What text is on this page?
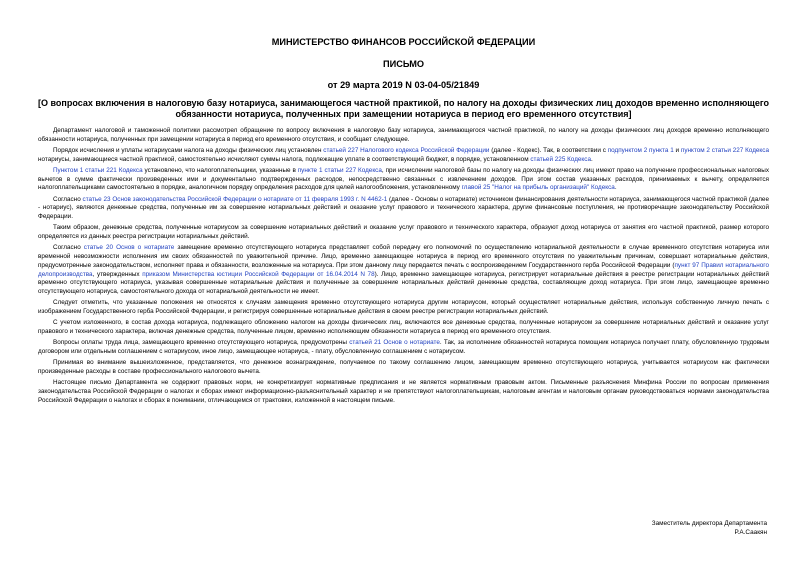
МИНИСТЕРСТВО ФИНАНСОВ РОССИЙСКОЙ ФЕДЕРАЦИИ
ПИСЬМО
от 29 марта 2019 N 03-04-05/21849
[О вопросах включения в налоговую базу нотариуса, занимающегося частной практикой, по налогу на доходы физических лиц доходов временно исполняющего обязанности нотариуса, полученных при замещении нотариуса в период его временного отсутствия]

Департамент налоговой и таможенной политики рассмотрел обращение по вопросу включения в налоговую базу нотариуса, занимающегося частной практикой, по налогу на доходы физических лиц доходов временно исполняющего обязанности нотариуса, полученных при замещении нотариуса в период его временного отсутствия, и сообщает следующее.

Порядок исчисления и уплаты нотариусами налога на доходы физических лиц установлен статьей 227 Налогового кодекса Российской Федерации (далее - Кодекс). Так, в соответствии с подпунктом 2 пункта 1 и пунктом 2 статьи 227 Кодекса нотариусы, занимающиеся частной практикой, самостоятельно исчисляют суммы налога, подлежащие уплате в соответствующий бюджет, в порядке, установленном статьей 225 Кодекса.

Пунктом 1 статьи 221 Кодекса установлено, что налогоплательщики, указанные в пункте 1 статьи 227 Кодекса, при исчислении налоговой базы по налогу на доходы физических лиц имеют право на получение профессиональных налоговых вычетов в сумме фактически произведенных ими и документально подтвержденных расходов, непосредственно связанных с извлечением доходов. При этом состав указанных расходов, принимаемых к вычету, определяется налогоплательщиками самостоятельно в порядке, аналогичном порядку определения расходов для целей налогообложения, установленному главой 25 "Налог на прибыль организаций" Кодекса.

Согласно статье 23 Основ законодательства Российской Федерации о нотариате от 11 февраля 1993 г. N 4462-1 (далее - Основы о нотариате) источником финансирования деятельности нотариуса, занимающегося частной практикой (далее - нотариус), являются денежные средства, полученные им за совершение нотариальных действий и оказание услуг правового и технического характера, другие финансовые поступления, не противоречащие законодательству Российской Федерации.

Таким образом, денежные средства, полученные нотариусом за совершение нотариальных действий и оказание услуг правового и технического характера, образуют доход нотариуса от занятия его частной практикой, размер которого определяется из данных реестра регистрации нотариальных действий.

Согласно статье 20 Основ о нотариате замещение временно отсутствующего нотариуса представляет собой передачу его полномочий по осуществлению нотариальной деятельности в случае временного отсутствия нотариуса или временной невозможности исполнения им своих обязанностей по уважительной причине. Лицо, временно замещающее нотариуса в период его временного отсутствия по уважительным причинам, совершает нотариальные действия, предусмотренные законодательством, исполняет права и обязанности, возложенные на нотариуса. При этом данному лицу передается печать с воспроизведением Государственного герба Российской Федерации (пункт 97 Правил нотариального делопроизводства, утвержденных приказом Министерства юстиции Российской Федерации от 16.04.2014 N 78). Лицо, временно замещающее нотариуса, регистрирует нотариальные действия в реестре регистрации нотариальных действий временно отсутствующего нотариуса, указывая совершенные нотариальные действия и полученные за совершение нотариальных действий денежные средства, составляющие доход нотариуса. При этом лицо, замещающее временно отсутствующего нотариуса, самостоятельного дохода от нотариальной деятельности не имеет.

Следует отметить, что указанные положения не относятся к случаям замещения временно отсутствующего нотариуса другим нотариусом, который осуществляет нотариальные действия, используя собственную личную печать с изображением Государственного герба Российской Федерации, и регистрируя совершенные нотариальные действия в своем реестре регистрации нотариальных действий.

С учетом изложенного, в состав дохода нотариуса, подлежащего обложению налогом на доходы физических лиц, включаются все денежные средства, полученные нотариусом за совершение нотариальных действий и оказание услуг правового и технического характера, включая денежные средства, полученные лицом, временно исполняющим обязанности нотариуса в период его временного отсутствия.

Вопросы оплаты труда лица, замещающего временно отсутствующего нотариуса, предусмотрены статьей 21 Основ о нотариате. Так, за исполнение обязанностей нотариуса помощник нотариуса получает плату, обусловленную трудовым договором или отдельным соглашением с нотариусом, иное лицо, замещающее нотариуса, - плату, обусловленную соглашением с нотариусом.

Принимая во внимание вышеизложенное, представляется, что денежное вознаграждение, получаемое по такому соглашению лицом, замещающим временно отсутствующего нотариуса, учитывается нотариусом как фактически произведенные расходы в составе профессионального налогового вычета.

Настоящее письмо Департамента не содержит правовых норм, не конкретизирует нормативные предписания и не является нормативным правовым актом. Письменные разъяснения Минфина России по вопросам применения законодательства Российской Федерации о налогах и сборах имеют информационно-разъяснительный характер и не препятствуют налогоплательщикам, налоговым агентам и налоговым органам руководствоваться нормами законодательства Российской Федерации о налогах и сборах в понимании, отличающемся от трактовки, изложенной в настоящем письме.

Заместитель директора Департамента
Р.А.Саакян
